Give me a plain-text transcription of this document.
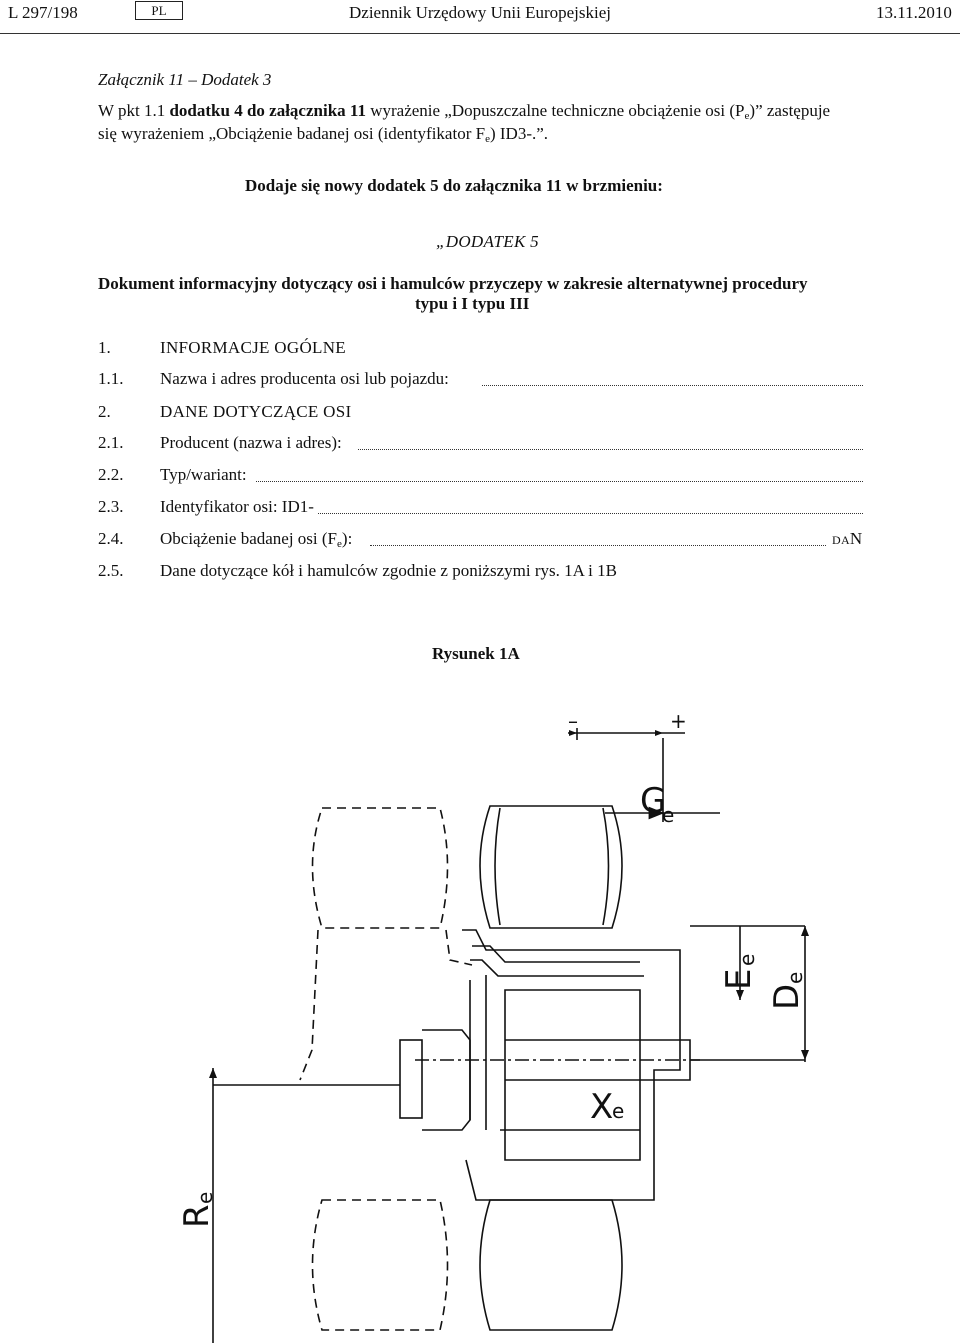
L 297/198	PL	Dziennik Urzędowy Unii Europejskiej	13.11.2010
Załącznik 11 – Dodatek 3
W pkt 1.1 dodatku 4 do załącznika 11 wyrażenie „Dopuszczalne techniczne obciążenie osi $(P_e)$” zastępuje
się wyrażeniem „Obciążenie badanej osi (identyfikator $F_e$) ID3-.”.
Dodaje się nowy dodatek 5 do załącznika 11 w brzmieniu:
„DODATEK 5
Dokument informacyjny dotyczący osi i hamulców przyczepy w zakresie alternatywnej procedury
typu i I typu III
1.	INFORMACJE OGÓLNE
1.1. Nazwa i adres producenta osi lub pojazdu:
2.	DANE DOTYCZĄCE OSI
2.1. Producent (nazwa i adres):
2.2. Typ/wariant:
2.3. Identyfikator osi: ID1-
2.4. Obciążenie badanej osi $(F_e)$:	daN
2.5. Dane dotyczące kół i hamulców zgodnie z poniższymi rys. 1A i 1B
Rysunek 1A
–	+
G
e
X
e
E
e
D
e
R
e
